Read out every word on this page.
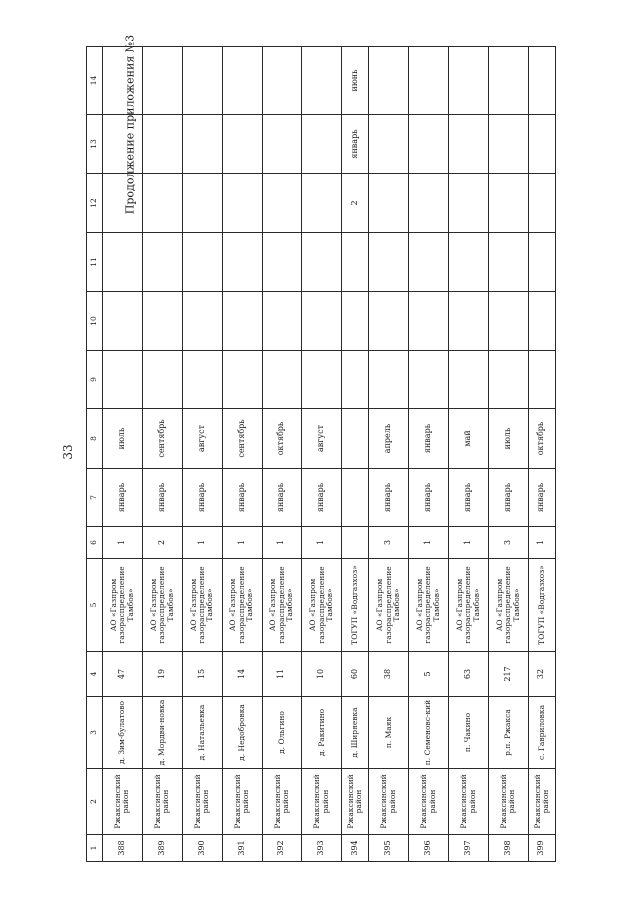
33
Продолжение приложения №3
1	2	3	4	5	6	7	8	9	10	11	12	13	14
388	Ржаксинский район	д. Зим-булатово	47	АО «Газпром газораспределение Тамбов»	1	январь	июль						
389	Ржаксинский район	д. Мордви-новка	19	АО «Газпром газораспределение Тамбов»	2	январь	сентябрь						
390	Ржаксинский район	д. Натальевка	15	АО «Газпром газораспределение Тамбов»	1	январь	август						
391	Ржаксинский район	д. Недобровка	14	АО «Газпром газораспределение Тамбов»	1	январь	сентябрь						
392	Ржаксинский район	д. Ольгино	11	АО «Газпром газораспределение Тамбов»	1	январь	октябрь						
393	Ржаксинский район	д. Ракитино	10	АО «Газпром газораспределение Тамбов»	1	январь	август						
394	Ржаксинский район	д. Ширяевка	60	ТОГУП «Водгазхоз»							2	январь	июнь
395	Ржаксинский район	п. Маяк	38	АО «Газпром газораспределение Тамбов»	3	январь	апрель						
396	Ржаксинский район	п. Семеновс-кий	5	АО «Газпром газораспределение Тамбов»	1	январь	январь						
397	Ржаксинский район	п. Чакино	63	АО «Газпром газораспределение Тамбов»	1	январь	май						
398	Ржаксинский район	р.п. Ржакса	217	АО «Газпром газораспределение Тамбов»	3	январь	июль						
399	Ржаксинский район	с. Гавриловка	32	ТОГУП «Водгазхоз»	1	январь	октябрь						
